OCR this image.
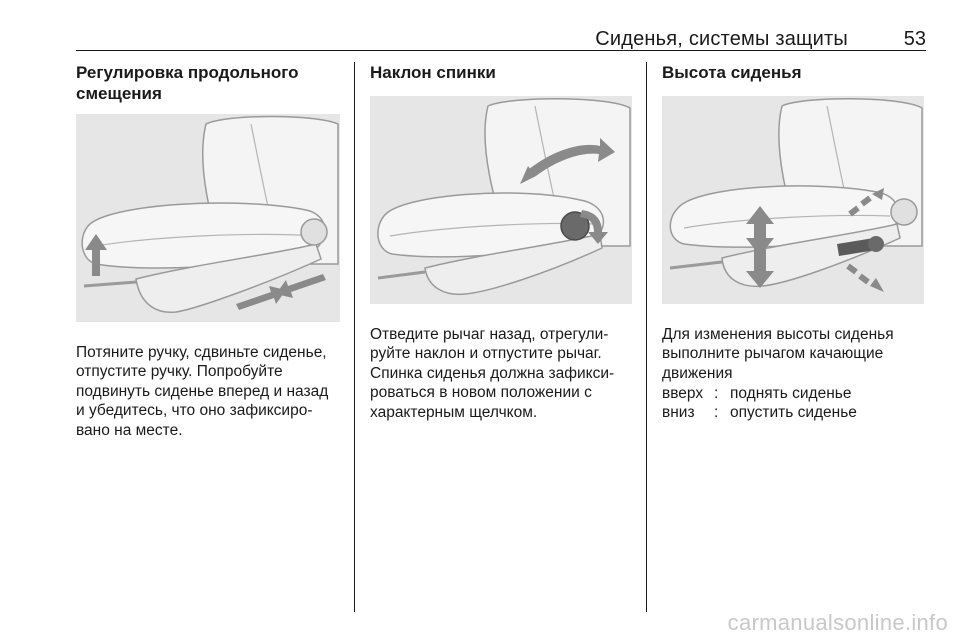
Сиденья, системы защиты	53
Регулировка продольного
смещения

Потяните ручку, сдвиньте сиденье,
отпустите ручку. Попробуйте
подвинуть сиденье вперед и назад
и убедитесь, что оно зафиксиро-
вано на месте.

Наклон спинки

Отведите рычаг назад, отрегули-
руйте наклон и отпустите рычаг.
Спинка сиденья должна зафикси-
роваться в новом положении с
характерным щелчком.

Высота сиденья

Для изменения высоты сиденья
выполните рычагом качающие
движения

вверх : поднять сиденье
вниз	: опустить сиденье
carmanualsonline.info
